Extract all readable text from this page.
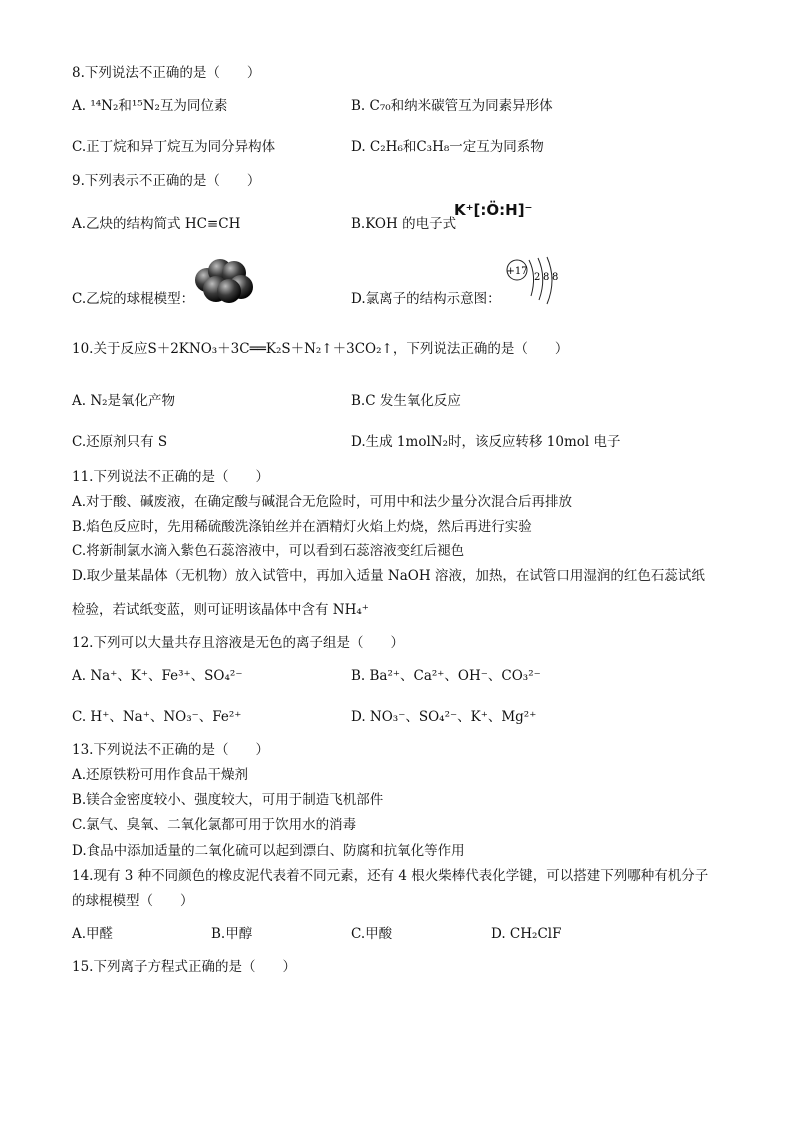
8.下列说法不正确的是（　　）
A. ¹⁴N₂和¹⁵N₂互为同位素	B. C₇₀和纳米碳管互为同素异形体
C.正丁烷和异丁烷互为同分异构体	D. C₂H₆和C₃H₈一定互为同系物
9.下列表示不正确的是（　　）
A.乙炔的结构简式 HC≡CH	B.KOH 的电子式
K⁺[:Ö:H]⁻
C.乙烷的球棍模型：	D.氯离子的结构示意图：
+17
2 8 8
10.关于反应S＋2KNO₃＋3C══K₂S＋N₂↑＋3CO₂↑，下列说法正确的是（　　）
A. N₂是氧化产物	B.C 发生氧化反应
C.还原剂只有 S	D.生成 1molN₂时，该反应转移 10mol 电子
11.下列说法不正确的是（　　）
A.对于酸、碱废液，在确定酸与碱混合无危险时，可用中和法少量分次混合后再排放
B.焰色反应时，先用稀硫酸洗涤铂丝并在酒精灯火焰上灼烧，然后再进行实验
C.将新制氯水滴入紫色石蕊溶液中，可以看到石蕊溶液变红后褪色
D.取少量某晶体（无机物）放入试管中，再加入适量 NaOH 溶液，加热，在试管口用湿润的红色石蕊试纸
检验，若试纸变蓝，则可证明该晶体中含有 NH₄⁺
12.下列可以大量共存且溶液是无色的离子组是（　　）
A. Na⁺、K⁺、Fe³⁺、SO₄²⁻	B. Ba²⁺、Ca²⁺、OH⁻、CO₃²⁻
C. H⁺、Na⁺、NO₃⁻、Fe²⁺	D. NO₃⁻、SO₄²⁻、K⁺、Mg²⁺
13.下列说法不正确的是（　　）
A.还原铁粉可用作食品干燥剂
B.镁合金密度较小、强度较大，可用于制造飞机部件
C.氯气、臭氧、二氧化氯都可用于饮用水的消毒
D.食品中添加适量的二氧化硫可以起到漂白、防腐和抗氧化等作用
14.现有 3 种不同颜色的橡皮泥代表着不同元素，还有 4 根火柴棒代表化学键，可以搭建下列哪种有机分子
的球棍模型（　　）
A.甲醛	B.甲醇	C.甲酸	D. CH₂ClF
15.下列离子方程式正确的是（　　）
